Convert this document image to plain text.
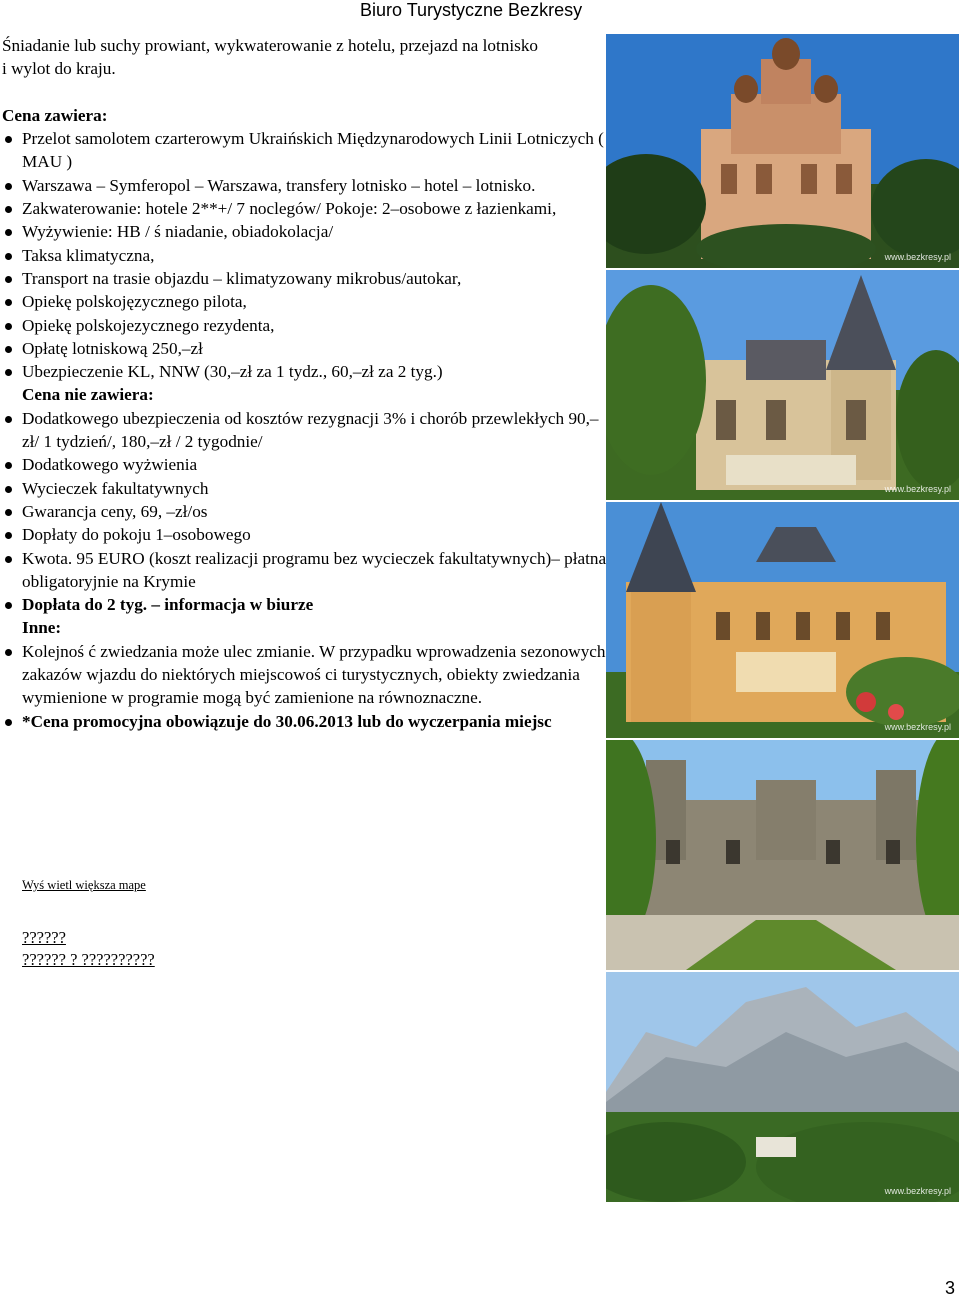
Biuro Turystyczne Bezkresy

Śniadanie lub suchy prowiant, wykwaterowanie z hotelu, przejazd na lotnisko

i wylot do kraju.

Cena zawiera:

Przelot samolotem czarterowym Ukraińskich Międzynarodowych Linii Lotniczych ( MAU )
Warszawa – Symferopol – Warszawa, transfery lotnisko – hotel – lotnisko.
Zakwaterowanie: hotele 2**+/ 7 noclegów/ Pokoje: 2–osobowe z łazienkami,
Wyżywienie: HB / ś niadanie, obiadokolacja/
Taksa klimatyczna,
Transport na trasie objazdu – klimatyzowany mikrobus/autokar,
Opiekę polskojęzycznego pilota,
Opiekę polskojezycznego rezydenta,
Opłatę lotniskową 250,–zł
Ubezpieczenie KL, NNW (30,–zł za 1 tydz., 60,–zł za 2 tyg.)

Cena nie zawiera:

Dodatkowego ubezpieczenia od kosztów rezygnacji 3% i chorób przewlekłych 90,– zł/ 1 tydzień/, 180,–zł / 2 tygodnie/
Dodatkowego wyżwienia
Wycieczek fakultatywnych
Gwarancja ceny, 69, –zł/os
Dopłaty do pokoju 1–osobowego
Kwota. 95 EURO (koszt realizacji programu bez wycieczek fakultatywnych)– płatna obligatoryjnie na Krymie
Dopłata do 2 tyg. – informacja w biurze

Inne:

Kolejnoś ć zwiedzania może ulec zmianie. W przypadku wprowadzenia sezonowych zakazów wjazdu do niektórych miejscowoś ci turystycznych, obiekty zwiedzania wymienione w programie mogą być zamienione na równoznaczne.
*Cena promocyjna obowiązuje do 30.06.2013 lub do wyczerpania miejsc
Wyś wietl większa mape
??????
?????? ? ??????????
www.bezkresy.pl
www.bezkresy.pl
www.bezkresy.pl
www.bezkresy.pl
3
